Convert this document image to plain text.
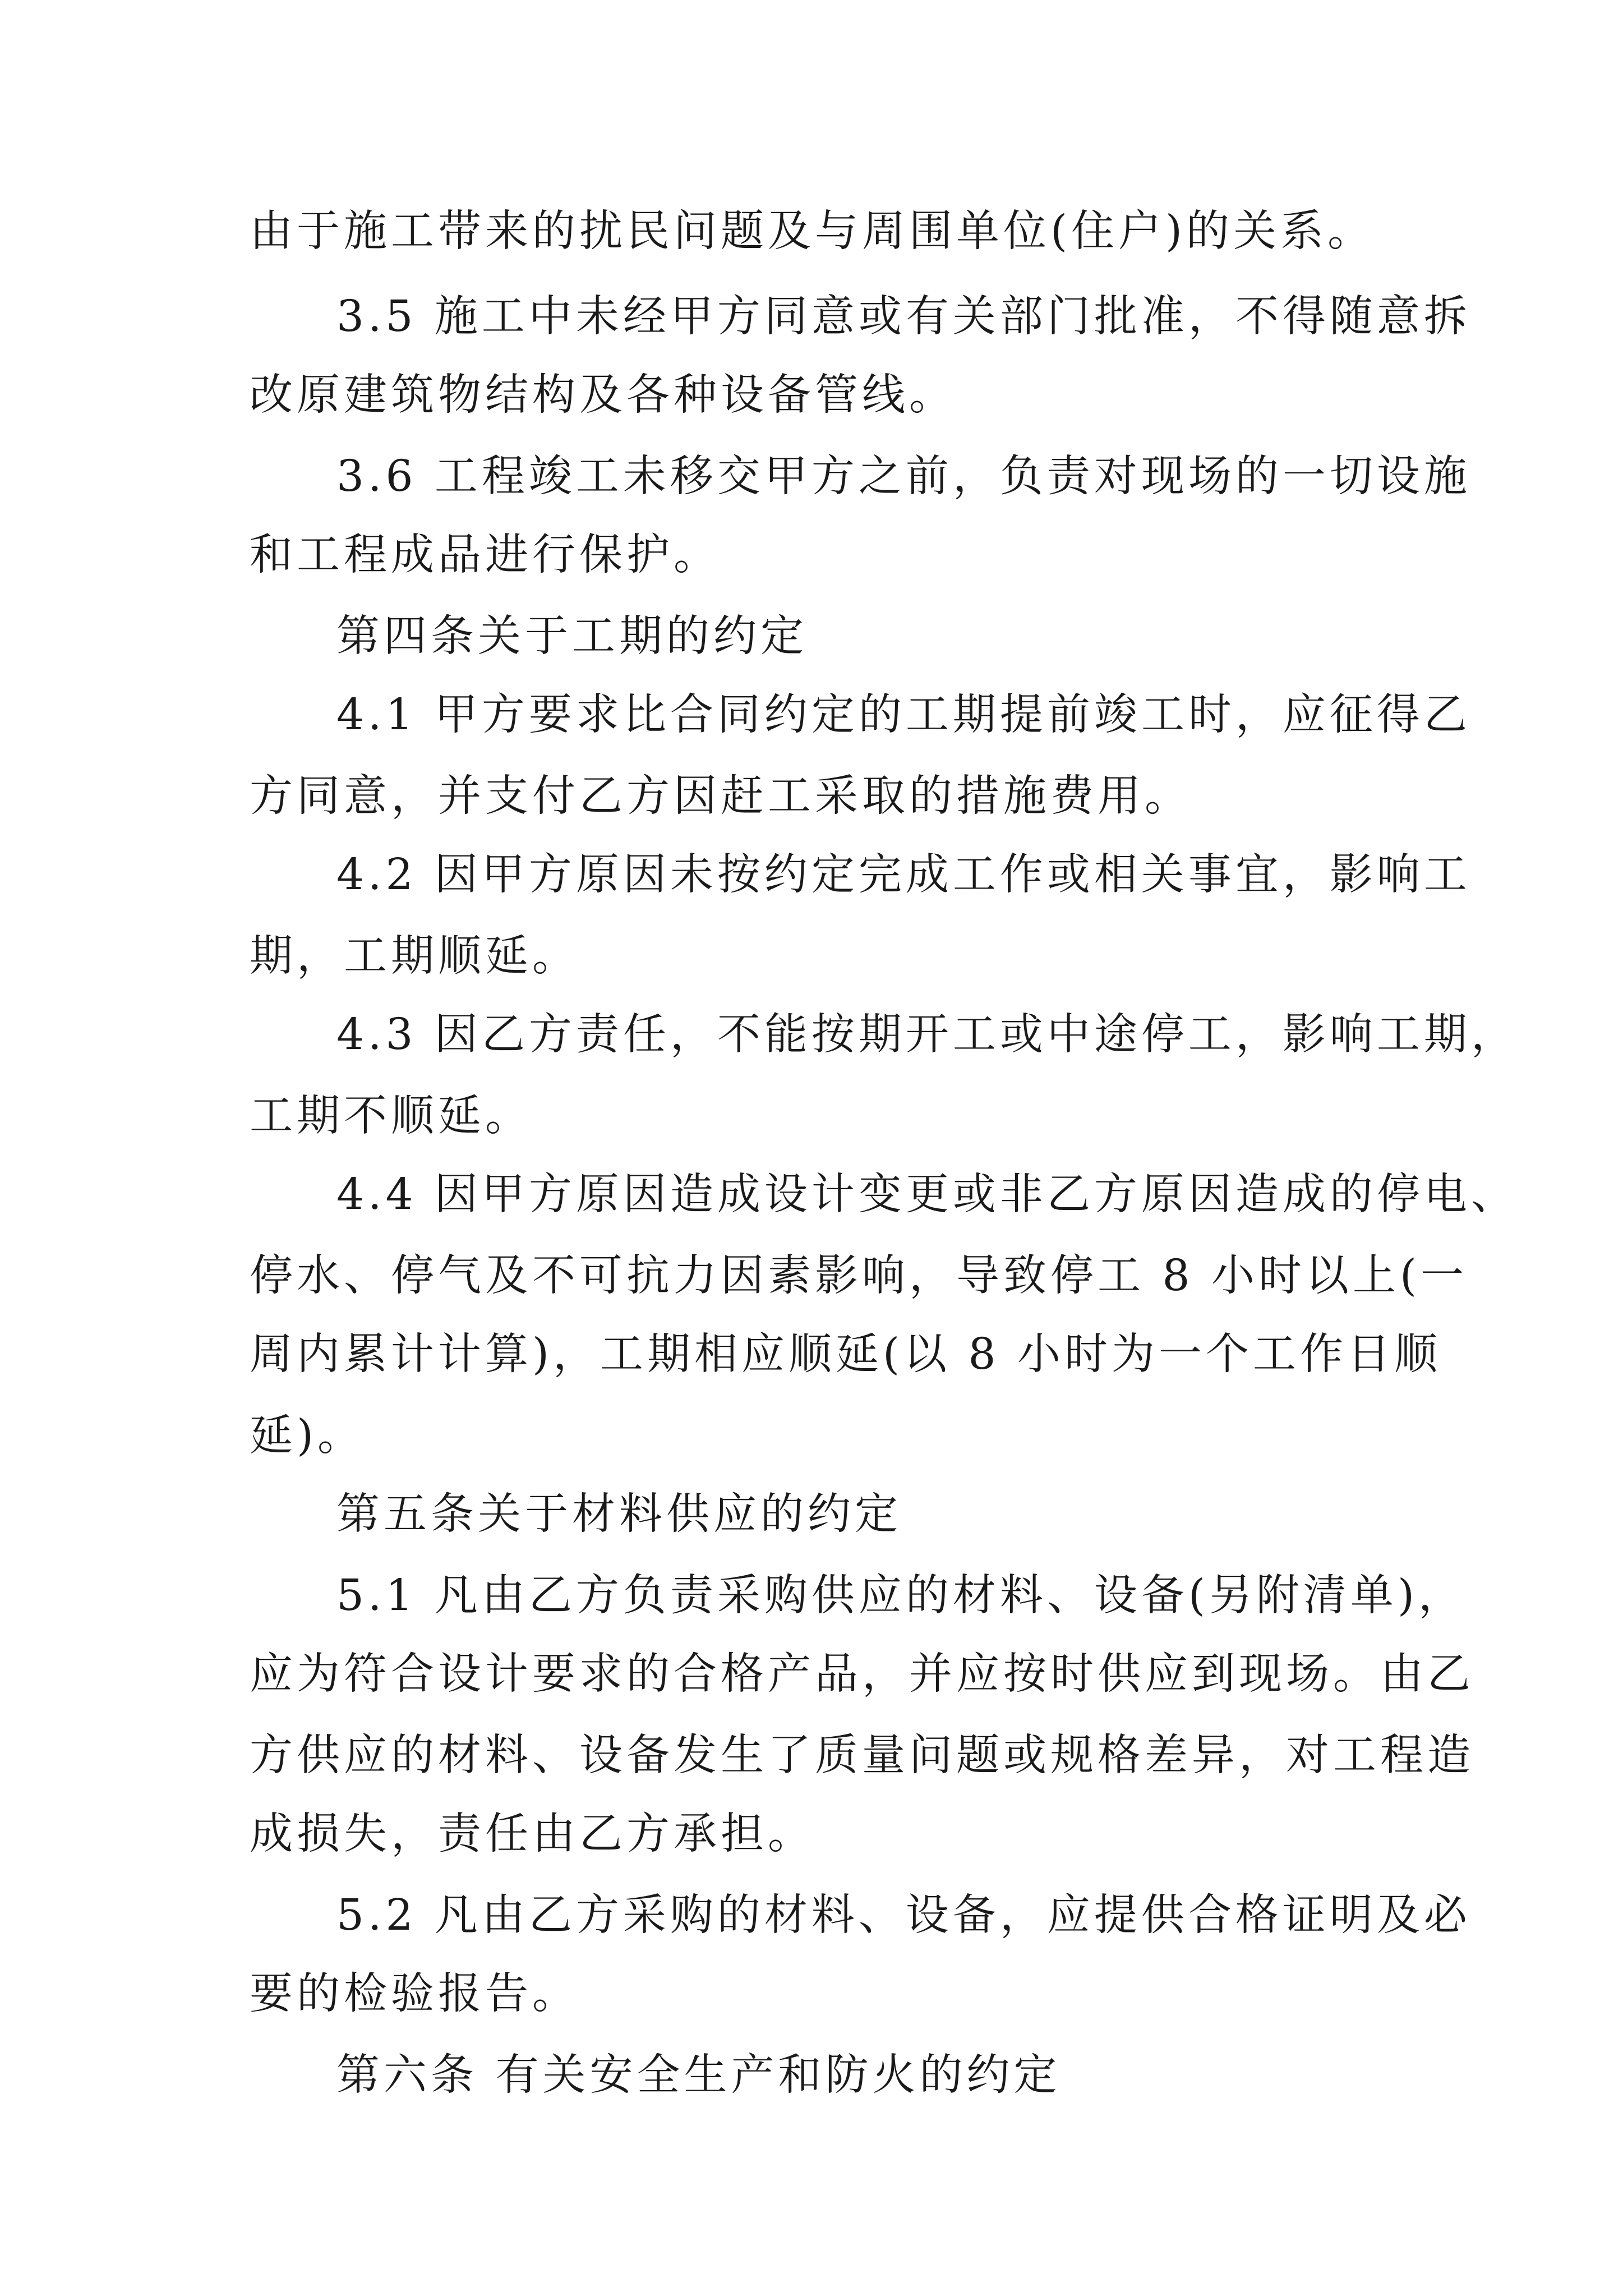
由于施工带来的扰民问题及与周围单位(住户)的关系。
3.5 施工中未经甲方同意或有关部门批准，不得随意拆
改原建筑物结构及各种设备管线。
3.6 工程竣工未移交甲方之前，负责对现场的一切设施
和工程成品进行保护。
第四条关于工期的约定
4.1 甲方要求比合同约定的工期提前竣工时，应征得乙
方同意，并支付乙方因赶工采取的措施费用。
4.2 因甲方原因未按约定完成工作或相关事宜，影响工
期，工期顺延。
4.3 因乙方责任，不能按期开工或中途停工，影响工期，
工期不顺延。
4.4 因甲方原因造成设计变更或非乙方原因造成的停电、
停水、停气及不可抗力因素影响，导致停工 8 小时以上(一
周内累计计算)，工期相应顺延(以 8 小时为一个工作日顺
延)。
第五条关于材料供应的约定
5.1 凡由乙方负责采购供应的材料、设备(另附清单)，
应为符合设计要求的合格产品，并应按时供应到现场。由乙
方供应的材料、设备发生了质量问题或规格差异，对工程造
成损失，责任由乙方承担。
5.2 凡由乙方采购的材料、设备，应提供合格证明及必
要的检验报告。
第六条 有关安全生产和防火的约定
